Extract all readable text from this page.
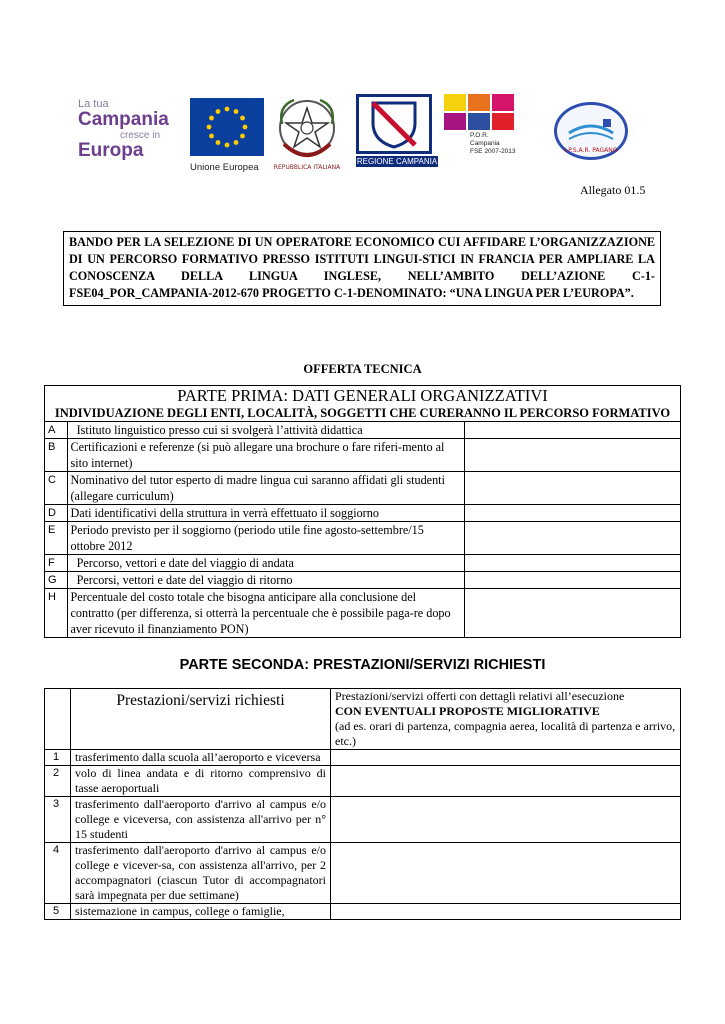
La tua
Campania
cresce in
Europa
Unione Europea	REPUBBLICA ITALIANA
REGIONE CAMPANIA
P.O.R.
Campania
FSE 2007-2013	I.P.S.A.R. PAGANO
Allegato 01.5
BANDO PER LA SELEZIONE DI UN OPERATORE ECONOMICO CUI AFFIDARE L’ORGANIZZAZIONE DI UN PERCORSO FORMATIVO PRESSO ISTITUTI LINGUI-STICI IN FRANCIA PER AMPLIARE LA CONOSCENZA DELLA LINGUA INGLESE, NELL’AMBITO DELL’AZIONE C-1-FSE04_POR_CAMPANIA-2012-670 PROGETTO C-1-DENOMINATO: “UNA LINGUA PER L’EUROPA”.
OFFERTA TECNICA
PARTE PRIMA: DATI GENERALI ORGANIZZATIVI
INDIVIDUAZIONE DEGLI ENTI, LOCALITÀ, SOGGETTI CHE CURERANNO IL PERCORSO FORMATIVO
A	Istituto linguistico presso cui si svolgerà l’attività didattica	
B	Certificazioni e referenze (si può allegare una brochure o fare riferi-mento al sito internet)	
C	Nominativo del tutor esperto di madre lingua cui saranno affidati gli studenti (allegare curriculum)	
D	Dati identificativi della struttura in verrà effettuato il soggiorno	
E	Periodo previsto per il soggiorno (periodo utile fine agosto-settembre/15 ottobre 2012	
F	Percorso, vettori e date del viaggio di andata	
G	Percorsi, vettori e date del viaggio di ritorno	
H	Percentuale del costo totale che bisogna anticipare alla conclusione del contratto (per differenza, si otterrà la percentuale che è possibile paga-re dopo aver ricevuto il finanziamento PON)	
PARTE SECONDA: PRESTAZIONI/SERVIZI RICHIESTI

	Prestazioni/servizi richiesti	Prestazioni/servizi offerti con dettagli relativi all’esecuzione
CON EVENTUALI PROPOSTE MIGLIORATIVE
(ad es. orari di partenza, compagnia aerea, località di partenza e arrivo, etc.)

1	trasferimento dalla scuola all’aeroporto e viceversa	
2	volo di linea andata e di ritorno comprensivo di tasse aeroportuali	
3	trasferimento dall'aeroporto d'arrivo al campus e/o college e viceversa, con assistenza all'arrivo per n° 15 studenti	
4	trasferimento dall'aeroporto d'arrivo al campus e/o college e vicever-sa, con assistenza all'arrivo, per 2 accompagnatori (ciascun Tutor di accompagnatori sarà impegnata per due settimane)	
5	sistemazione in campus, college o famiglie,	
